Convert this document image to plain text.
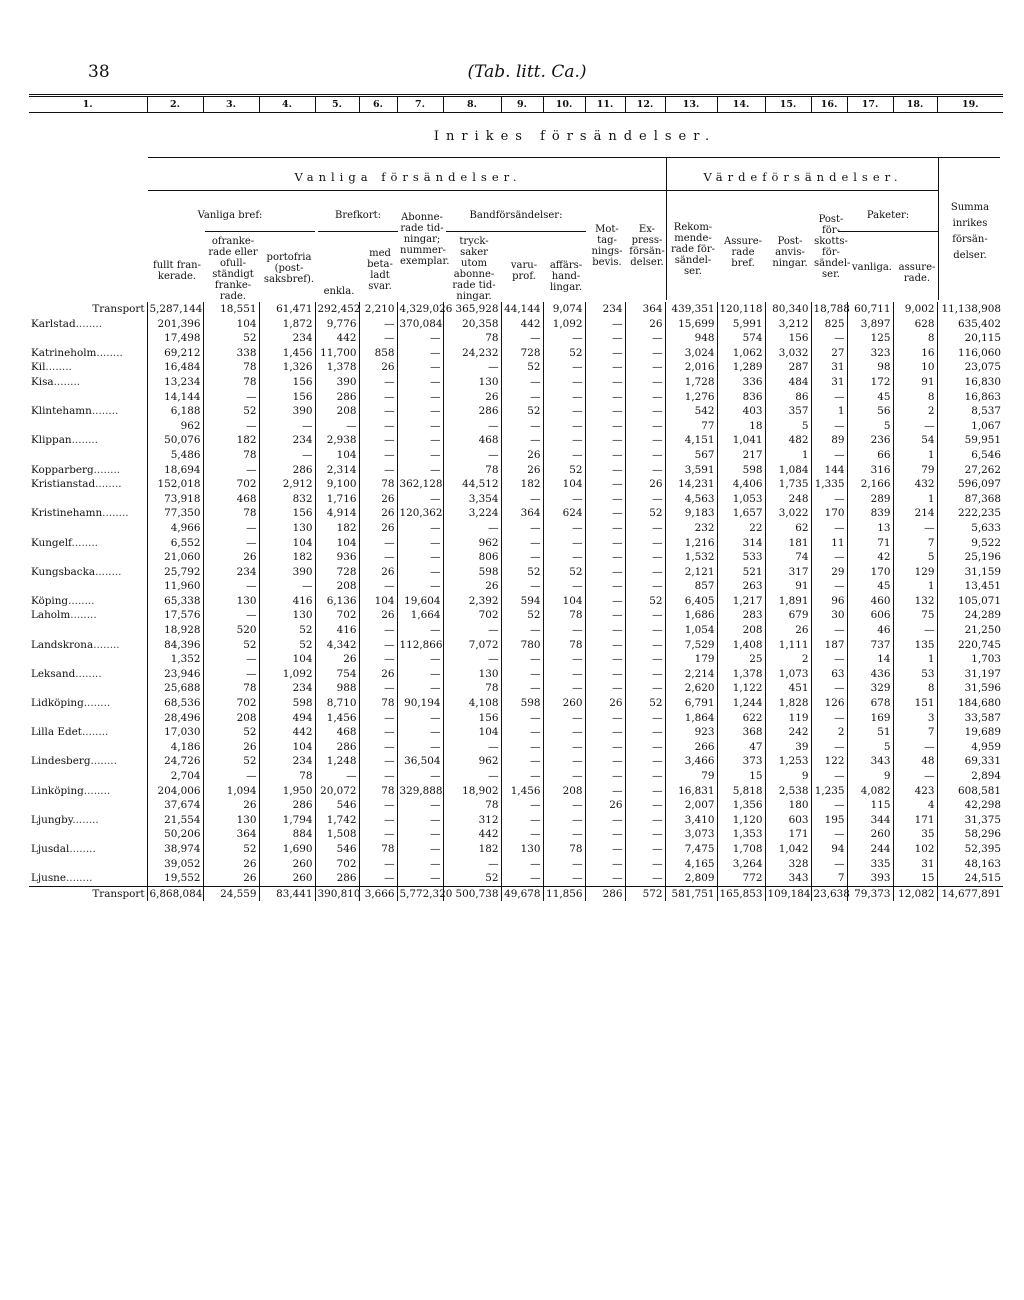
38	(Tab. litt. Ca.)
Inrikes försändelser.
Vanliga försändelser.	Värdeförsändelser.
Vanliga bref:	Brefkort:	Bandförsändelser:	Paketer:
fullt fran-kerade.
ofranke-rade eller ofull-ständigt franke-rade.
portofria (post-saksbref).
enkla.
med beta-ladt svar.
Abonne-rade tid-ningar; nummer-exemplar.
tryck-saker utom abonne-rade tid-ningar.
varu-prof.
affärs-hand-lingar.
Mot-tag-nings-bevis.
Ex-press-försän-delser.
Rekom-mende-rade för-sändel-ser.
Assure-rade bref.
Post-anvis-ningar.
Post-för-skotts-för-sändel-ser.
vanliga. assure-rade.
Summa inrikes försän-delser.
1.	2.	3.	4.	5.	6.	7.	8.	9.	10.	11.	12.	13.	14.	15.	16.	17.	18.	19.

Transport	5,287,144	18,551	61,471	292,452	2,210	4,329,026	365,928	44,144	9,074	234	364	439,351	120,118	80,340	18,788	60,711	9,002	11,138,908
Karlstad........	201,396	104	1,872	9,776	—	370,084	20,358	442	1,092	—	26	15,699	5,991	3,212	825	3,897	628	635,402
	17,498	52	234	442	—	—	78	—	—	—	—	948	574	156	—	125	8	20,115
Katrineholm........	69,212	338	1,456	11,700	858	—	24,232	728	52	—	—	3,024	1,062	3,032	27	323	16	116,060
Kil........	16,484	78	1,326	1,378	26	—	—	52	—	—	—	2,016	1,289	287	31	98	10	23,075
Kisa........	13,234	78	156	390	—	—	130	—	—	—	—	1,728	336	484	31	172	91	16,830
	14,144	—	156	286	—	—	26	—	—	—	—	1,276	836	86	—	45	8	16,863
Klintehamn........	6,188	52	390	208	—	—	286	52	—	—	—	542	403	357	1	56	2	8,537
	962	—	—	—	—	—	—	—	—	—	—	77	18	5	—	5	—	1,067
Klippan........	50,076	182	234	2,938	—	—	468	—	—	—	—	4,151	1,041	482	89	236	54	59,951
	5,486	78	—	104	—	—	—	26	—	—	—	567	217	1	—	66	1	6,546
Kopparberg........	18,694	—	286	2,314	—	—	78	26	52	—	—	3,591	598	1,084	144	316	79	27,262
Kristianstad........	152,018	702	2,912	9,100	78	362,128	44,512	182	104	—	26	14,231	4,406	1,735	1,335	2,166	432	596,097
	73,918	468	832	1,716	26	—	3,354	—	—	—	—	4,563	1,053	248	—	289	1	87,368
Kristinehamn........	77,350	78	156	4,914	26	120,362	3,224	364	624	—	52	9,183	1,657	3,022	170	839	214	222,235
	4,966	—	130	182	26	—	—	—	—	—	—	232	22	62	—	13	—	5,633
Kungelf........	6,552	—	104	104	—	—	962	—	—	—	—	1,216	314	181	11	71	7	9,522
	21,060	26	182	936	—	—	806	—	—	—	—	1,532	533	74	—	42	5	25,196
Kungsbacka........	25,792	234	390	728	26	—	598	52	52	—	—	2,121	521	317	29	170	129	31,159
	11,960	—	—	208	—	—	26	—	—	—	—	857	263	91	—	45	1	13,451
Köping........	65,338	130	416	6,136	104	19,604	2,392	594	104	—	52	6,405	1,217	1,891	96	460	132	105,071
Laholm........	17,576	—	130	702	26	1,664	702	52	78	—	—	1,686	283	679	30	606	75	24,289
	18,928	520	52	416	—	—	—	—	—	—	—	1,054	208	26	—	46	—	21,250
Landskrona........	84,396	52	52	4,342	—	112,866	7,072	780	78	—	—	7,529	1,408	1,111	187	737	135	220,745
	1,352	—	104	26	—	—	—	—	—	—	—	179	25	2	—	14	1	1,703
Leksand........	23,946	—	1,092	754	26	—	130	—	—	—	—	2,214	1,378	1,073	63	436	53	31,197
	25,688	78	234	988	—	—	78	—	—	—	—	2,620	1,122	451	—	329	8	31,596
Lidköping........	68,536	702	598	8,710	78	90,194	4,108	598	260	26	52	6,791	1,244	1,828	126	678	151	184,680
	28,496	208	494	1,456	—	—	156	—	—	—	—	1,864	622	119	—	169	3	33,587
Lilla Edet........	17,030	52	442	468	—	—	104	—	—	—	—	923	368	242	2	51	7	19,689
	4,186	26	104	286	—	—	—	—	—	—	—	266	47	39	—	5	—	4,959
Lindesberg........	24,726	52	234	1,248	—	36,504	962	—	—	—	—	3,466	373	1,253	122	343	48	69,331
	2,704	—	78	—	—	—	—	—	—	—	—	79	15	9	—	9	—	2,894
Linköping........	204,006	1,094	1,950	20,072	78	329,888	18,902	1,456	208	—	—	16,831	5,818	2,538	1,235	4,082	423	608,581
	37,674	26	286	546	—	—	78	—	—	26	—	2,007	1,356	180	—	115	4	42,298
Ljungby........	21,554	130	1,794	1,742	—	—	312	—	—	—	—	3,410	1,120	603	195	344	171	31,375
	50,206	364	884	1,508	—	—	442	—	—	—	—	3,073	1,353	171	—	260	35	58,296
Ljusdal........	38,974	52	1,690	546	78	—	182	130	78	—	—	7,475	1,708	1,042	94	244	102	52,395
	39,052	26	260	702	—	—	—	—	—	—	—	4,165	3,264	328	—	335	31	48,163
Ljusne........	19,552	26	260	286	—	—	52	—	—	—	—	2,809	772	343	7	393	15	24,515
Transport	6,868,084	24,559	83,441	390,810	3,666	5,772,320	500,738	49,678	11,856	286	572	581,751	165,853	109,184	23,638	79,373	12,082	14,677,891
